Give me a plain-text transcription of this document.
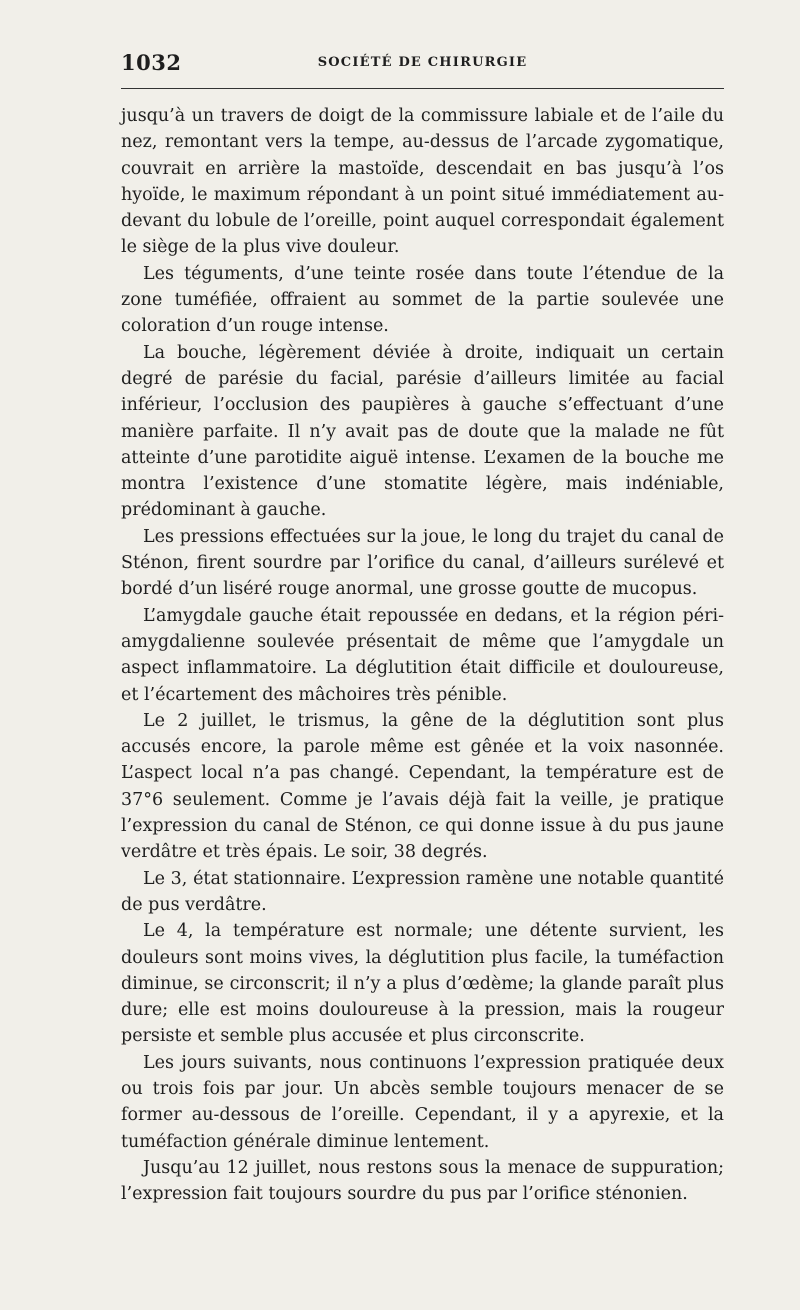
1032	SOCIÉTÉ DE CHIRURGIE

jusqu’à un travers de doigt de la commissure labiale et de l’aile du nez, remontant vers la tempe, au-dessus de l’arcade zygomatique, couvrait en arrière la mastoïde, descendait en bas jusqu’à l’os hyoïde, le maximum répondant à un point situé immédiatement au-devant du lobule de l’oreille, point auquel correspondait également le siège de la plus vive douleur.

Les téguments, d’une teinte rosée dans toute l’étendue de la zone tuméfiée, offraient au sommet de la partie soulevée une coloration d’un rouge intense.

La bouche, légèrement déviée à droite, indiquait un certain degré de parésie du facial, parésie d’ailleurs limitée au facial inférieur, l’occlusion des paupières à gauche s’effectuant d’une manière parfaite. Il n’y avait pas de doute que la malade ne fût atteinte d’une parotidite aiguë intense. L’examen de la bouche me montra l’existence d’une stomatite légère, mais indéniable, prédominant à gauche.

Les pressions effectuées sur la joue, le long du trajet du canal de Sténon, firent sourdre par l’orifice du canal, d’ailleurs surélevé et bordé d’un liséré rouge anormal, une grosse goutte de mucopus.

L’amygdale gauche était repoussée en dedans, et la région péri-amygdalienne soulevée présentait de même que l’amygdale un aspect inflammatoire. La déglutition était difficile et douloureuse, et l’écartement des mâchoires très pénible.

Le 2 juillet, le trismus, la gêne de la déglutition sont plus accusés encore, la parole même est gênée et la voix nasonnée. L’aspect local n’a pas changé. Cependant, la température est de 37°6 seulement. Comme je l’avais déjà fait la veille, je pratique l’expression du canal de Sténon, ce qui donne issue à du pus jaune verdâtre et très épais. Le soir, 38 degrés.

Le 3, état stationnaire. L’expression ramène une notable quantité de pus verdâtre.

Le 4, la température est normale; une détente survient, les douleurs sont moins vives, la déglutition plus facile, la tuméfaction diminue, se circonscrit; il n’y a plus d’œdème; la glande paraît plus dure; elle est moins douloureuse à la pression, mais la rougeur persiste et semble plus accusée et plus circonscrite.

Les jours suivants, nous continuons l’expression pratiquée deux ou trois fois par jour. Un abcès semble toujours menacer de se former au-dessous de l’oreille. Cependant, il y a apyrexie, et la tuméfaction générale diminue lentement.

Jusqu’au 12 juillet, nous restons sous la menace de suppuration; l’expression fait toujours sourdre du pus par l’orifice sténonien.
